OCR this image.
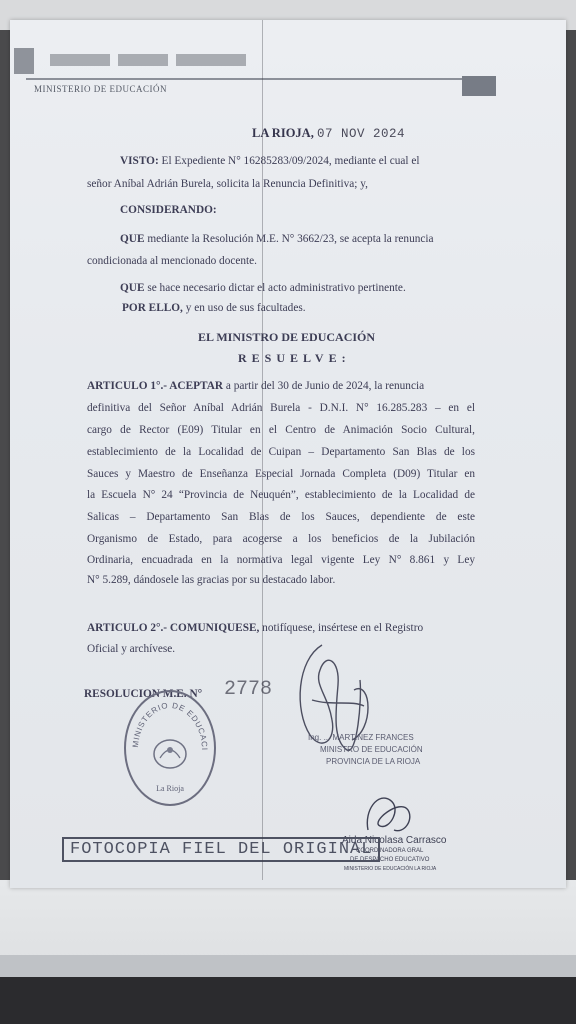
MINISTERIO DE EDUCACIÓN
LA RIOJA, 07 NOV 2024
VISTO: El Expediente N° 16285283/09/2024, mediante el cual el
señor Aníbal Adrián Burela, solicita la Renuncia Definitiva; y,
CONSIDERANDO:
QUE mediante la Resolución M.E. N° 3662/23, se acepta la renuncia
condicionada al mencionado docente.
QUE se hace necesario dictar el acto administrativo pertinente.
POR ELLO, y en uso de sus facultades.
EL MINISTRO DE EDUCACIÓN
RESUELVE:
ARTICULO 1°.- ACEPTAR a partir del 30 de Junio de 2024, la renuncia
definitiva del Señor Aníbal Adrián Burela - D.N.I. N° 16.285.283 – en el
cargo de Rector (E09) Titular en el Centro de Animación Socio Cultural,
establecimiento de la Localidad de Cuipan – Departamento San Blas de los
Sauces y Maestro de Enseñanza Especial Jornada Completa (D09) Titular en
la Escuela N° 24 “Provincia de Neuquén”, establecimiento de la Localidad de
Salicas – Departamento San Blas de los Sauces, dependiente de este
Organismo de Estado, para acogerse a los beneficios de la Jubilación
Ordinaria, encuadrada en la normativa legal vigente Ley N° 8.861 y Ley
N° 5.289, dándosele las gracias por su destacado labor.
ARTICULO 2°.- COMUNIQUESE, notifíquese, insértese en el Registro
Oficial y archívese.
RESOLUCION M.E. N° 2778
MINISTERIO DE EDUCACI
La Rioja
Ing. ... MARTINEZ FRANCES
MINISTRO DE EDUCACIÓN
PROVINCIA DE LA RIOJA
Aida Nicolasa Carrasco
COORDINADORA GRAL
DE DESPACHO EDUCATIVO
MINISTERIO DE EDUCACIÓN LA RIOJA
FOTOCOPIA FIEL DEL ORIGINAL
